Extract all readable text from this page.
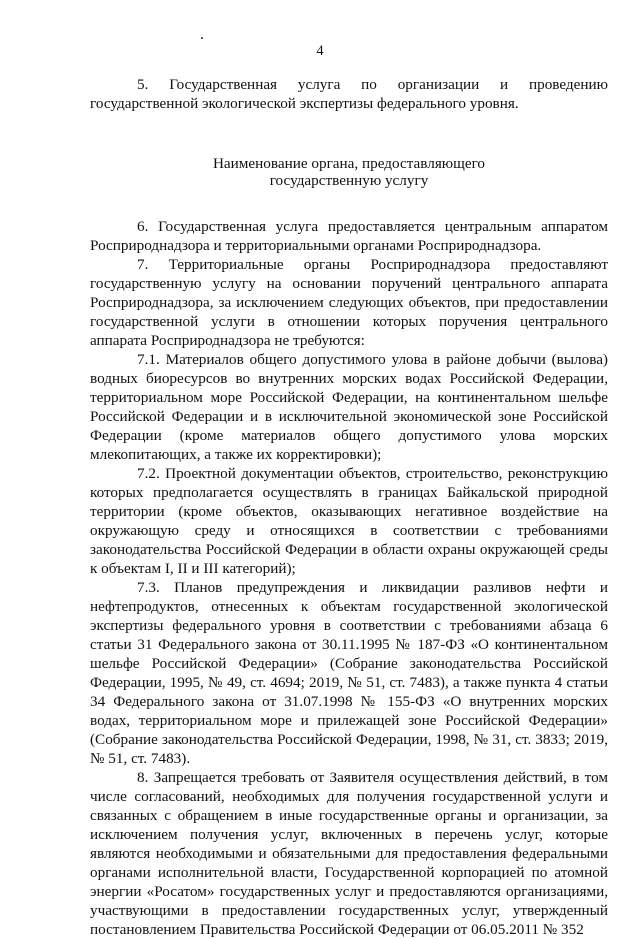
4

5. Государственная услуга по организации и проведению государственной экологической экспертизы федерального уровня.

Наименование органа, предоставляющего
государственную услугу

6. Государственная услуга предоставляется центральным аппаратом Росприроднадзора и территориальными органами Росприроднадзора.

7. Территориальные органы Росприроднадзора предоставляют государственную услугу на основании поручений центрального аппарата Росприроднадзора, за исключением следующих объектов, при предоставлении государственной услуги в отношении которых поручения центрального аппарата Росприроднадзора не требуются:

7.1. Материалов общего допустимого улова в районе добычи (вылова) водных биоресурсов во внутренних морских водах Российской Федерации, территориальном море Российской Федерации, на континентальном шельфе Российской Федерации и в исключительной экономической зоне Российской Федерации (кроме материалов общего допустимого улова морских млекопитающих, а также их корректировки);

7.2. Проектной документации объектов, строительство, реконструкцию которых предполагается осуществлять в границах Байкальской природной территории (кроме объектов, оказывающих негативное воздействие на окружающую среду и относящихся в соответствии с требованиями законодательства Российской Федерации в области охраны окружающей среды к объектам I, II и III категорий);

7.3. Планов предупреждения и ликвидации разливов нефти и нефтепродуктов, отнесенных к объектам государственной экологической экспертизы федерального уровня в соответствии с требованиями абзаца 6 статьи 31 Федерального закона от 30.11.1995 № 187-ФЗ «О континентальном шельфе Российской Федерации» (Собрание законодательства Российской Федерации, 1995, № 49, ст. 4694; 2019, № 51, ст. 7483), а также пункта 4 статьи 34 Федерального закона от 31.07.1998 № 155-ФЗ «О внутренних морских водах, территориальном море и прилежащей зоне Российской Федерации» (Собрание законодательства Российской Федерации, 1998, № 31, ст. 3833; 2019, № 51, ст. 7483).

8. Запрещается требовать от Заявителя осуществления действий, в том числе согласований, необходимых для получения государственной услуги и связанных с обращением в иные государственные органы и организации, за исключением получения услуг, включенных в перечень услуг, которые являются необходимыми и обязательными для предоставления федеральными органами исполнительной власти, Государственной корпорацией по атомной энергии «Росатом» государственных услуг и предоставляются организациями, участвующими в предоставлении государственных услуг, утвержденный постановлением Правительства Российской Федерации от 06.05.2011 № 352
